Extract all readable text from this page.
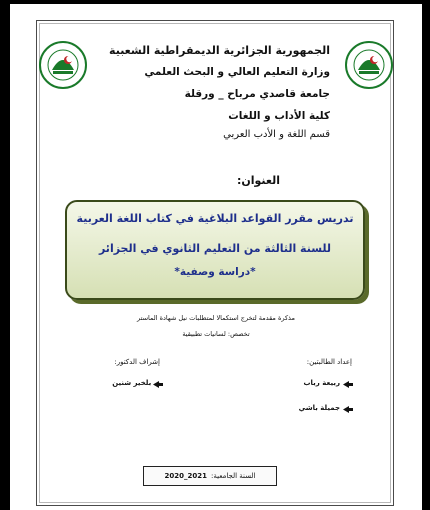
الجمهورية الجزائرية الديمقراطية الشعبية
وزارة التعليم العالي و البحث العلمي
جامعة قاصدي مرباح _ ورقلة
كلية الأداب و اللغات
قسم اللغة و الأدب العربي
العنوان:
تدريس مقرر القواعد البلاغية في كتاب اللغة العربية
للسنة الثالثة من التعليم الثانوي في الجزائر
*دراسة وصفية*
مذكرة مقدمة لتخرج استكمالا لمتطلبات نيل شهادة الماستر
تخصص: لسانيات تطبيقية
إعداد الطالبتين:
إشراف الدكتور:
ربيعة رباب
جميلة باشي
د. بلخير شنين
السنة الجامعية:
2021_2020
